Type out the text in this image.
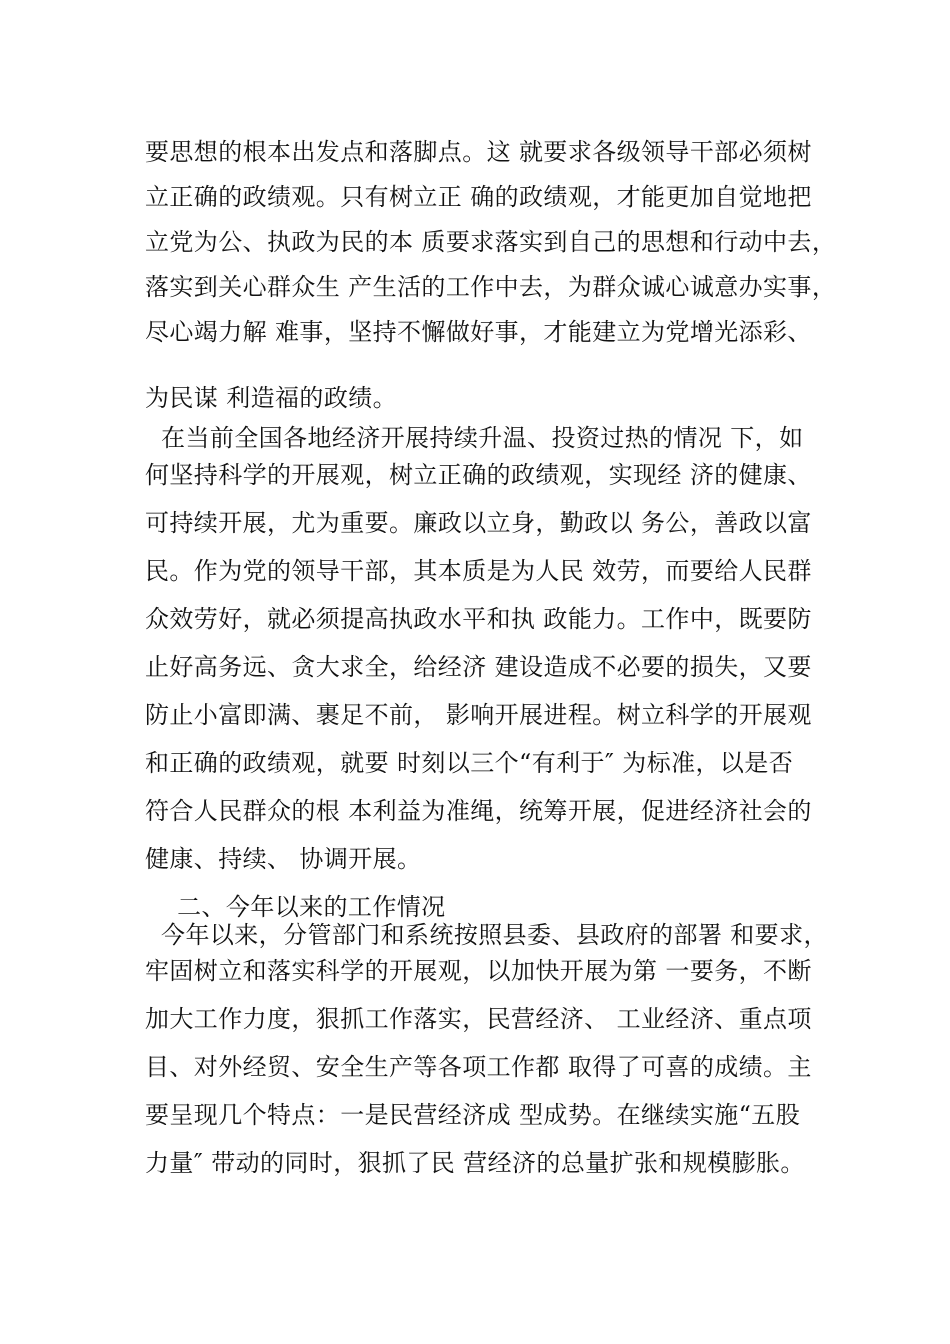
要思想的根本出发点和落脚点。这 就要求各级领导干部必须树
立正确的政绩观。只有树立正 确的政绩观，才能更加自觉地把
立党为公、执政为民的本 质要求落实到自己的思想和行动中去，
落实到关心群众生 产生活的工作中去，为群众诚心诚意办实事，
尽心竭力解 难事，坚持不懈做好事，才能建立为党增光添彩、
为民谋 利造福的政绩。
在当前全国各地经济开展持续升温、投资过热的情况 下，如
何坚持科学的开展观，树立正确的政绩观，实现经 济的健康、
可持续开展，尤为重要。廉政以立身，勤政以 务公，善政以富
民。作为党的领导干部，其本质是为人民 效劳，而要给人民群
众效劳好，就必须提高执政水平和执 政能力。工作中，既要防
止好高务远、贪大求全，给经济 建设造成不必要的损失，又要
防止小富即满、裹足不前， 影响开展进程。树立科学的开展观
和正确的政绩观，就要 时刻以三个“有利于″ 为标准，以是否
符合人民群众的根 本利益为准绳，统筹开展，促进经济社会的
健康、持续、 协调开展。
二、今年以来的工作情况
今年以来，分管部门和系统按照县委、县政府的部署 和要求，
牢固树立和落实科学的开展观，以加快开展为第 一要务，不断
加大工作力度，狠抓工作落实，民营经济、 工业经济、重点项
目、对外经贸、安全生产等各项工作都 取得了可喜的成绩。主
要呈现几个特点：一是民营经济成 型成势。在继续实施“五股
力量″ 带动的同时，狠抓了民 营经济的总量扩张和规模膨胀。
